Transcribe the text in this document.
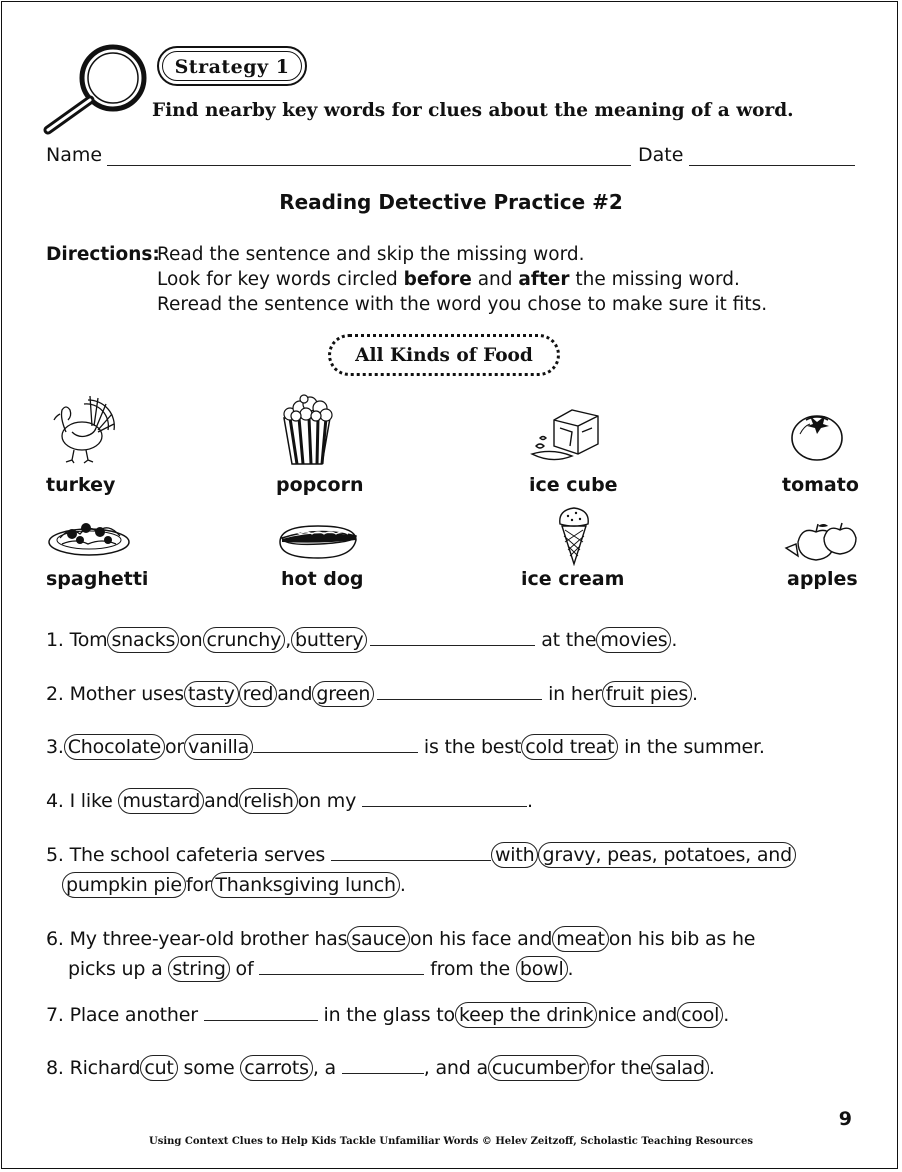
Strategy 1
Find nearby key words for clues about the meaning of a word.
Name	Date
Reading Detective Practice #2
Directions:
Read the sentence and skip the missing word.
Look for key words circled before and after the missing word.
Reread the sentence with the word you chose to make sure it fits.
All Kinds of Food
turkey	popcorn	ice cube	tomato
spaghetti	hot dog	ice cream	apples
1. Tom snacks on crunchy , buttery	at the movies .
2. Mother uses tasty red and green	in her fruit pies .
3. Chocolate or vanilla	is the best cold treat in the summer.
4. I like mustard and relish on my	.
5. The school cafeteria serves	with gravy, peas, potatoes, and
pumpkin pie for Thanksgiving lunch .
6. My three-year-old brother has sauce on his face and meat on his bib as he
picks up a string of	from the bowl .
7. Place another	in the glass to keep the drink nice and cool .
8. Richard cut some carrots , a	, and a cucumber for the salad .
9
Using Context Clues to Help Kids Tackle Unfamiliar Words © Helev Zeitzoff, Scholastic Teaching Resources
